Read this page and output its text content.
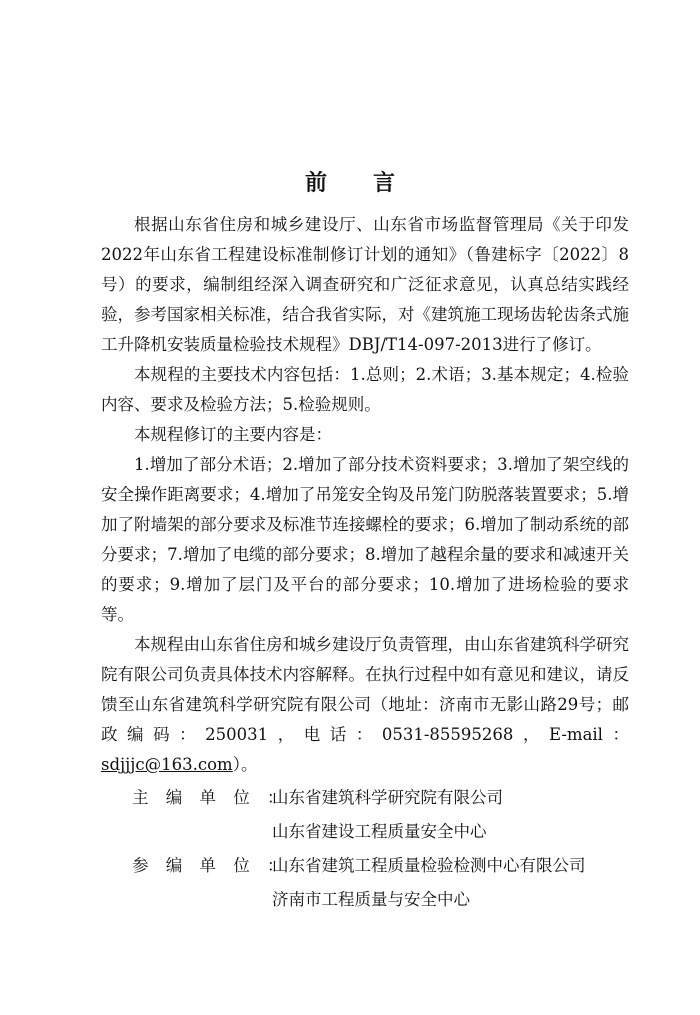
前 言

根据山东省住房和城乡建设厅、山东省市场监督管理局《关于印发2022年山东省工程建设标准制修订计划的通知》（鲁建标字〔2022〕8号）的要求，编制组经深入调查研究和广泛征求意见，认真总结实践经验，参考国家相关标准，结合我省实际，对《建筑施工现场齿轮齿条式施工升降机安装质量检验技术规程》DBJ/T14-097-2013进行了修订。

本规程的主要技术内容包括：1.总则；2.术语；3.基本规定；4.检验内容、要求及检验方法；5.检验规则。

本规程修订的主要内容是：

1.增加了部分术语；2.增加了部分技术资料要求；3.增加了架空线的安全操作距离要求；4.增加了吊笼安全钩及吊笼门防脱落装置要求；5.增加了附墙架的部分要求及标准节连接螺栓的要求；6.增加了制动系统的部分要求；7.增加了电缆的部分要求；8.增加了越程余量的要求和减速开关的要求；9.增加了层门及平台的部分要求；10.增加了进场检验的要求等。

本规程由山东省住房和城乡建设厅负责管理，由山东省建筑科学研究院有限公司负责具体技术内容解释。在执行过程中如有意见和建议，请反馈至山东省建筑科学研究院有限公司（地址：济南市无影山路29号；邮政编码：250031，电话：0531-85595268，E-mail：sdjjjc@163.com）。

主 编 单 位 ：
山东省建筑科学研究院有限公司
山东省建设工程质量安全中心
参 编 单 位 ：
山东省建筑工程质量检验检测中心有限公司
济南市工程质量与安全中心
